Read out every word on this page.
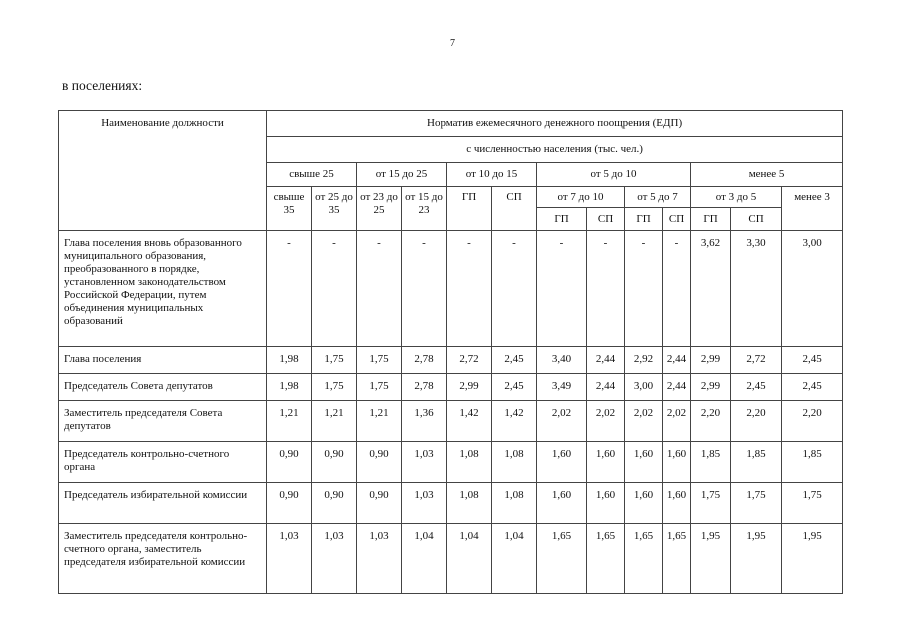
7
в поселениях:
Наименование должности	Норматив ежемесячного денежного поощрения (ЕДП)												
	с численностью населения (тыс. чел.)												
	свыше 25		от 15 до 25		от 10 до 15		от 5 до 10				менее 5		
	свыше 35	от 25 до 35	от 23 до 25	от 15 до 23	ГП	СП	от 7 до 10		от 5 до 7		от 3 до 5		менее 3
							ГП	СП	ГП	СП	ГП	СП	
Глава поселения вновь образованного муниципального образования, преобразованного в порядке, установленном законодательством Российской Федерации, путем объединения муниципальных образований	-	-	-	-	-	-	-	-	-	-	3,62	3,30	3,00
Глава поселения	1,98	1,75	1,75	2,78	2,72	2,45	3,40	2,44	2,92	2,44	2,99	2,72	2,45
Председатель Совета депутатов	1,98	1,75	1,75	2,78	2,99	2,45	3,49	2,44	3,00	2,44	2,99	2,45	2,45
Заместитель председателя Совета депутатов	1,21	1,21	1,21	1,36	1,42	1,42	2,02	2,02	2,02	2,02	2,20	2,20	2,20
Председатель контрольно-счетного органа	0,90	0,90	0,90	1,03	1,08	1,08	1,60	1,60	1,60	1,60	1,85	1,85	1,85
Председатель избирательной комиссии	0,90	0,90	0,90	1,03	1,08	1,08	1,60	1,60	1,60	1,60	1,75	1,75	1,75
Заместитель председателя контрольно-счетного органа, заместитель председателя избирательной комиссии	1,03	1,03	1,03	1,04	1,04	1,04	1,65	1,65	1,65	1,65	1,95	1,95	1,95
